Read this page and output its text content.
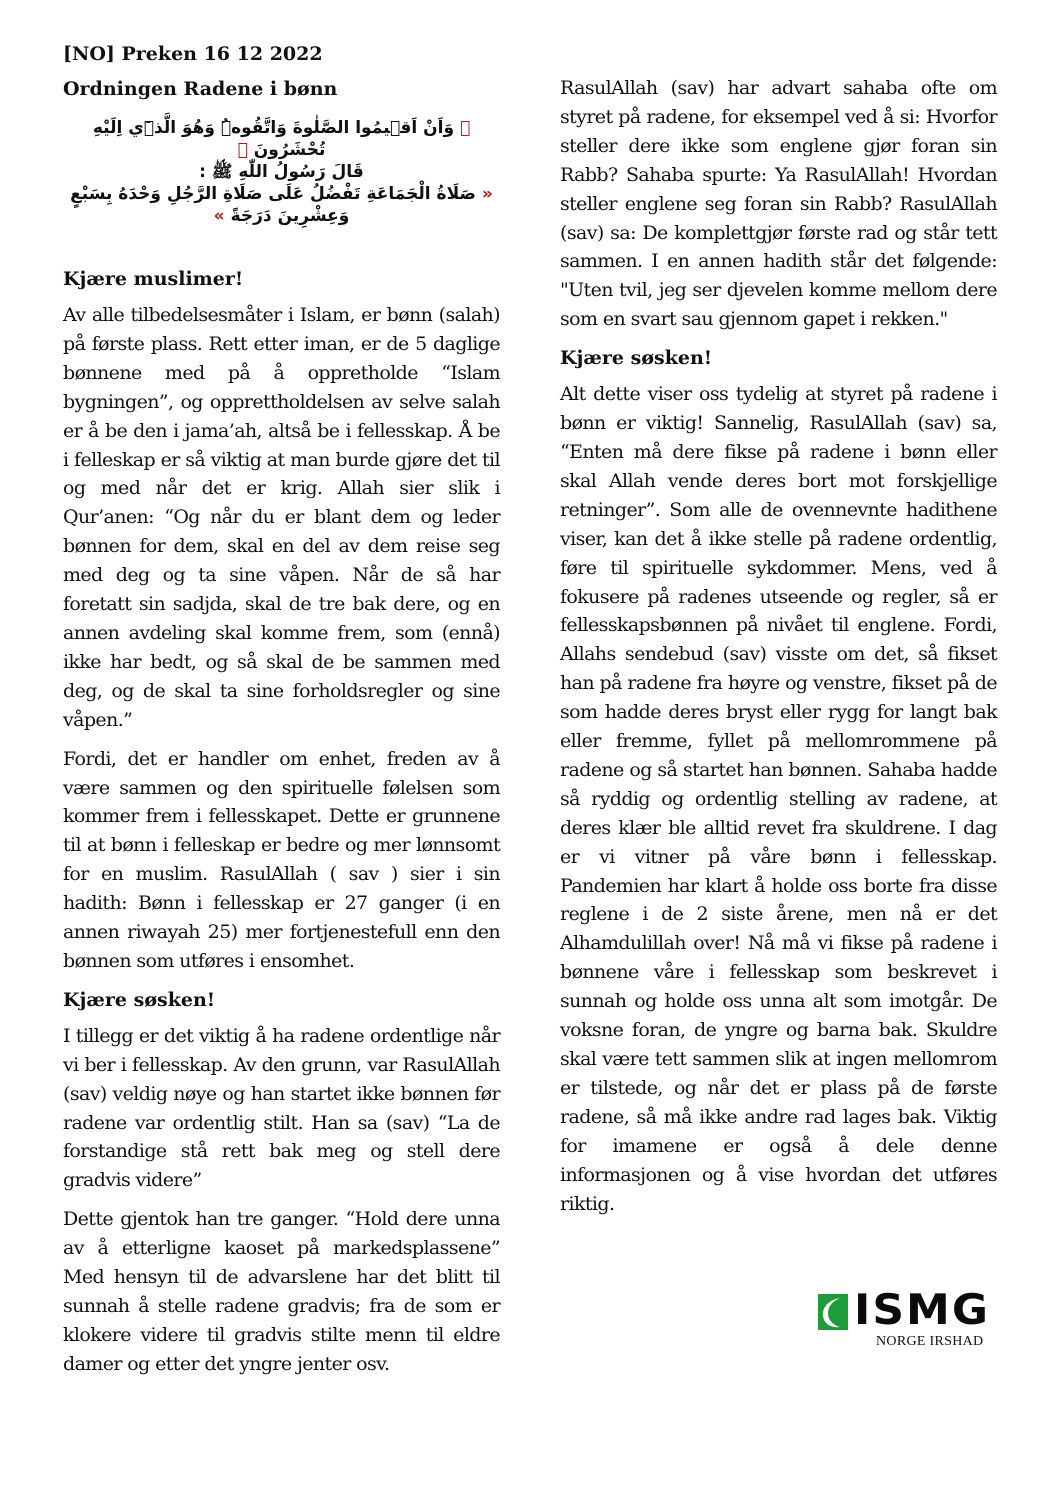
[NO] Preken 16 12 2022

Ordningen Radene i bønn

﴿ وَاَنْ اَقٖيمُوا الصَّلٰوةَ وَاتَّقُوهُۜ وَهُوَ الَّذٖٓي اِلَيْهِ تُحْشَرُونَ ﴾
قَالَ رَسُولُ اللّٰهِ ﷺ :
« صَلَاةُ الْجَمَاعَةِ تَفْضُلُ عَلَى صَلَاةِ الرَّجُلِ وَحْدَهُ بِسَبْعٍ وَعِشْرِينَ دَرَجَةً »

Kjære muslimer!

Av alle tilbedelsesmåter i Islam, er bønn (salah) på første plass. Rett etter iman, er de 5 daglige bønnene med på å oppretholde “Islam bygningen”, og opprettholdelsen av selve salah er å be den i jama’ah, altså be i fellesskap. Å be i felleskap er så viktig at man burde gjøre det til og med når det er krig. Allah sier slik i Qur’anen: “Og når du er blant dem og leder bønnen for dem, skal en del av dem reise seg med deg og ta sine våpen. Når de så har foretatt sin sadjda, skal de tre bak dere, og en annen avdeling skal komme frem, som (ennå) ikke har bedt, og så skal de be sammen med deg, og de skal ta sine forholdsregler og sine våpen.”

Fordi, det er handler om enhet, freden av å være sammen og den spirituelle følelsen som kommer frem i fellesskapet. Dette er grunnene til at bønn i felleskap er bedre og mer lønnsomt for en muslim. RasulAllah ( sav ) sier i sin hadith: Bønn i fellesskap er 27 ganger (i en annen riwayah 25) mer fortjenestefull enn den bønnen som utføres i ensomhet.

Kjære søsken!

I tillegg er det viktig å ha radene ordentlige når vi ber i fellesskap. Av den grunn, var RasulAllah (sav) veldig nøye og han startet ikke bønnen før radene var ordentlig stilt. Han sa (sav) “La de forstandige stå rett bak meg og stell dere gradvis videre”

Dette gjentok han tre ganger. “Hold dere unna av å etterligne kaoset på markedsplassene” Med hensyn til de advarslene har det blitt til sunnah å stelle radene gradvis; fra de som er klokere videre til gradvis stilte menn til eldre damer og etter det yngre jenter osv.

RasulAllah (sav) har advart sahaba ofte om styret på radene, for eksempel ved å si: Hvorfor steller dere ikke som englene gjør foran sin Rabb? Sahaba spurte: Ya RasulAllah! Hvordan steller englene seg foran sin Rabb? RasulAllah (sav) sa: De komplettgjør første rad og står tett sammen. I en annen hadith står det følgende: "Uten tvil, jeg ser djevelen komme mellom dere som en svart sau gjennom gapet i rekken."

Kjære søsken!

Alt dette viser oss tydelig at styret på radene i bønn er viktig! Sannelig, RasulAllah (sav) sa, “Enten må dere fikse på radene i bønn eller skal Allah vende deres bort mot forskjellige retninger”. Som alle de ovennevnte hadithene viser, kan det å ikke stelle på radene ordentlig, føre til spirituelle sykdommer. Mens, ved å fokusere på radenes utseende og regler, så er fellesskapsbønnen på nivået til englene. Fordi, Allahs sendebud (sav) visste om det, så fikset han på radene fra høyre og venstre, fikset på de som hadde deres bryst eller rygg for langt bak eller fremme, fyllet på mellomrommene på radene og så startet han bønnen. Sahaba hadde så ryddig og ordentlig stelling av radene, at deres klær ble alltid revet fra skuldrene. I dag er vi vitner på våre bønn i fellesskap. Pandemien har klart å holde oss borte fra disse reglene i de 2 siste årene, men nå er det Alhamdulillah over! Nå må vi fikse på radene i bønnene våre i fellesskap som beskrevet i sunnah og holde oss unna alt som imotgår. De voksne foran, de yngre og barna bak. Skuldre skal være tett sammen slik at ingen mellomrom er tilstede, og når det er plass på de første radene, så må ikke andre rad lages bak. Viktig for imamene er også å dele denne informasjonen og å vise hvordan det utføres riktig.

ISMG
NORGE IRSHAD
